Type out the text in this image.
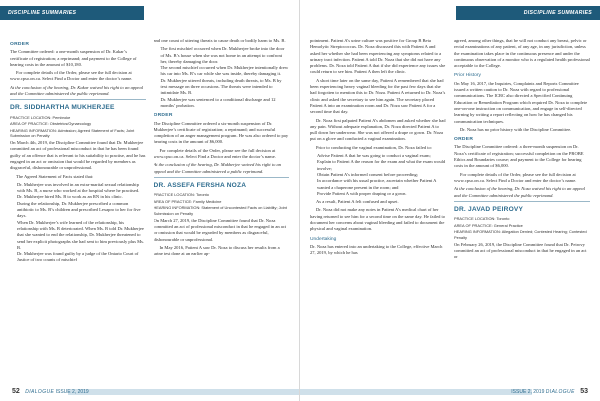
DISCIPLINE SUMMARIES
ORDER

The Committee ordered: a one-month suspension of Dr. Kakar’s certificate of registration; a reprimand; and payment to the College of hearing costs in the amount of $10,180.

For complete details of the Order, please see the full decision at www.cpso.on.ca. Select Find a Doctor and enter the doctor’s name.

At the conclusion of the hearing, Dr. Kakar waived his right to an appeal and the Committee administered the public reprimand.

DR. SIDDHARTHA MUKHERJEE
PRACTICE LOCATION: Pembroke
AREA OF PRACTICE: Obstetrics/Gynaecology
HEARING INFORMATION: Admission; Agreed Statement of Facts; Joint Submission on Penalty

On March 4th, 2019, the Discipline Committee found that Dr. Mukherjee committed an act of professional misconduct in that he has been found guilty of an offence that is relevant to his suitability to practise, and he has engaged in an act or omission that would be regarded by members as disgraceful, dishonourable or unprofessional.

The Agreed Statement of Facts stated that:

• Dr. Mukherjee was involved in an extra-marital sexual relationship with Ms. B, a nurse who worked at the hospital where he practised. Dr. Mukherjee hired Ms. B to work as an RN in his clinic.
• During the relationship, Dr. Mukherjee prescribed a common antibiotic to Ms. B’s children and prescribed Lexapro to her for five days.
• When Dr. Mukherjee’s wife learned of the relationship, his relationship with Ms. B deteriorated. When Ms. B told Dr. Mukherjee that she wanted to end the relationship, Dr. Mukherjee threatened to send her explicit photographs she had sent to him previously plus Ms. B.
• Dr. Mukherjee was found guilty by a judge of the Ontario Court of Justice of two counts of mischief

and one count of uttering threats to cause death or bodily harm to Ms. B.

• The first mischief occurred when Dr. Mukherjee broke into the door of Ms. B’s house when she was not home in an attempt to confront her, thereby damaging the door.
• The second mischief occurred when Dr. Mukherjee intentionally drew his car into Ms. B’s car while she was inside, thereby damaging it.
• Dr. Mukherjee uttered threats, including death threats, to Ms. B by text message on three occasions. The threats were intended to intimidate Ms. B.
• Dr. Mukherjee was sentenced to a conditional discharge and 12 months’ probation.
ORDER

The Discipline Committee ordered a six-month suspension of Dr. Mukherjee’s certificate of registration; a reprimand; and successful completion of an anger management program. He was also ordered to pay hearing costs in the amount of $6,000.

For complete details of the Order, please see the full decision at www.cpso.on.ca. Select Find a Doctor and enter the doctor’s name.

At the conclusion of the hearing, Dr. Mukherjee waived his right to an appeal and the Committee administered a public reprimand.

DR. ASSEFA FERSHA NOZA
PRACTICE LOCATION: Toronto
AREA OF PRACTICE: Family Medicine
HEARING INFORMATION: Statement of Uncontested Facts on Liability; Joint Submission on Penalty

On March 27, 2019, the Discipline Committee found that Dr. Noza committed an act of professional misconduct in that he engaged in an act or omission that would be regarded by members as disgraceful, dishonourable or unprofessional.

In May 2016, Patient A saw Dr. Noza to discuss her results from a urine test done at an earlier ap-

52 DIALOGUE ISSUE 2, 2019
DISCIPLINE SUMMARIES

pointment. Patient A’s urine culture was positive for Group B Beta Hemolytic Streptococcus. Dr. Noza discussed this with Patient A and asked her whether she had been experiencing any symptoms related to a urinary tract infection. Patient A told Dr. Noza that she did not have any problems. Dr. Noza told Patient A that if she did experience any issues she could return to see him. Patient A then left the clinic.

A short time later on the same day, Patient A remembered that she had been experiencing heavy vaginal bleeding for the past few days that she had forgotten to mention this to Dr. Noza. Patient A returned to Dr. Noza’s clinic and asked the secretary to see him again. The secretary placed Patient A into an examination room and Dr. Noza saw Patient A for a second time that day.

Dr. Noza first palpated Patient A’s abdomen and asked whether she had any pain. Without adequate explanation, Dr. Noza directed Patient A to pull down her underwear. She was not offered a drape or gown. Dr. Noza put on a glove and conducted a vaginal examination.

Prior to conducting the vaginal examination, Dr. Noza failed to:

• Advise Patient A that he was going to conduct a vaginal exam;
• Explain to Patient A the reason for the exam and what the exam would involve;
• Obtain Patient A’s informed consent before proceeding;
• In accordance with his usual practice, ascertain whether Patient A wanted a chaperone present in the room; and
• Provide Patient A with proper draping or a gown.

As a result, Patient A felt confused and upset.

Dr. Noza did not make any notes in Patient A’s medical chart of her having returned to see him for a second time on the same day. He failed to document her concerns about vaginal bleeding and failed to document the physical and vaginal examination.

Undertaking

Dr. Noza has entered into an undertaking to the College, effective March 27, 2019, by which he has

agreed, among other things, that he will not conduct any breast, pelvic or rectal examinations of any patient, of any age, in any jurisdiction, unless the examination takes place in the continuous presence and under the continuous observation of a monitor who is a regulated health professional acceptable to the College.

Prior History

On May 16, 2017, the Inquiries, Complaints and Reports Committee issued a written caution to Dr. Noza with regard to professional communications. The ICRC also directed a Specified Continuing Education or Remediation Program which required Dr. Noza to complete one-on-one instruction on communication, and engage in self-directed learning by writing a report reflecting on how he has changed his communication techniques.

Dr. Noza has no prior history with the Discipline Committee.

ORDER

The Discipline Committee ordered: a three-month suspension on Dr. Noza’s certificate of registration; successful completion on the PROBE Ethics and Boundaries course; and payment to the College for hearing costs in the amount of $6,000.

For complete details of the Order, please see the full decision at www.cpso.on.ca. Select Find a Doctor and enter the doctor’s name.

At the conclusion of the hearing, Dr. Noza waived his right to an appeal and the Committee administered the public reprimand.

DR. JAVAD PEIROVY
PRACTICE LOCATION: Toronto
AREA OF PRACTICE: General Practice
HEARING INFORMATION: Allegation Denied; Contested Hearing; Contested Penalty

On February 26, 2019, the Discipline Committee found that Dr. Peirovy committed an act of professional misconduct in that he engaged in an act or

ISSUE 2, 2019 DIALOGUE 53
